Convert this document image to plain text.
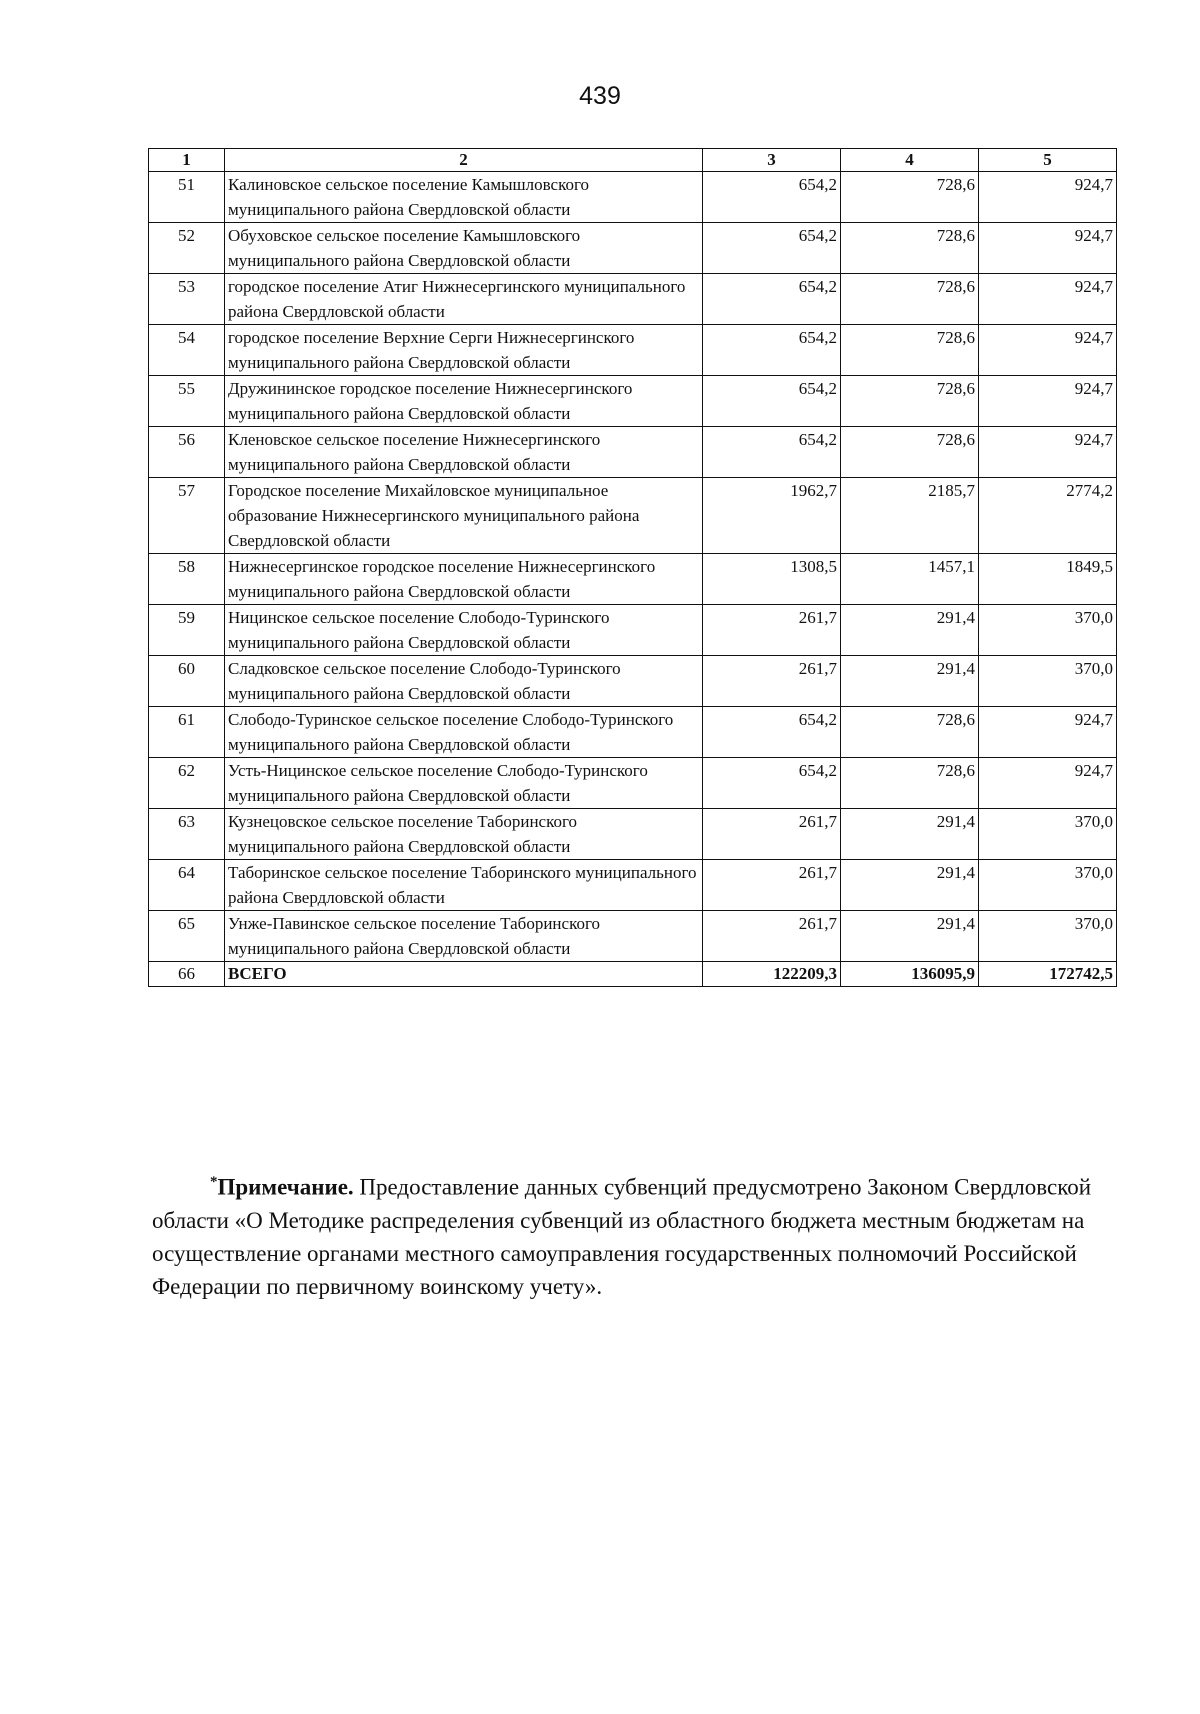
439
1	2	3	4	5
51	Калиновское сельское поселение Камышловского муниципального района Свердловской области	654,2	728,6	924,7
52	Обуховское сельское поселение Камышловского муниципального района Свердловской области	654,2	728,6	924,7
53	городское поселение Атиг Нижнесергинского муниципального района Свердловской области	654,2	728,6	924,7
54	городское поселение Верхние Серги Нижнесергинского муниципального района Свердловской области	654,2	728,6	924,7
55	Дружининское городское поселение Нижнесергинского муниципального района Свердловской области	654,2	728,6	924,7
56	Кленовское сельское поселение Нижнесергинского муниципального района Свердловской области	654,2	728,6	924,7
57	Городское поселение Михайловское муниципальное образование Нижнесергинского муниципального района Свердловской области	1962,7	2185,7	2774,2
58	Нижнесергинское городское поселение Нижнесергинского муниципального района Свердловской области	1308,5	1457,1	1849,5
59	Ницинское сельское поселение Слободо-Туринского муниципального района Свердловской области	261,7	291,4	370,0
60	Сладковское сельское поселение Слободо-Туринского муниципального района Свердловской области	261,7	291,4	370,0
61	Слободо-Туринское сельское поселение Слободо-Туринского муниципального района Свердловской области	654,2	728,6	924,7
62	Усть-Ницинское сельское поселение Слободо-Туринского муниципального района Свердловской области	654,2	728,6	924,7
63	Кузнецовское сельское поселение Таборинского муниципального района Свердловской области	261,7	291,4	370,0
64	Таборинское сельское поселение Таборинского муниципального района Свердловской области	261,7	291,4	370,0
65	Унже-Павинское сельское поселение Таборинского муниципального района Свердловской области	261,7	291,4	370,0
66	ВСЕГО	122209,3	136095,9	172742,5
*Примечание. Предоставление данных субвенций предусмотрено Законом Свердловской области «О Методике распределения субвенций из областного бюджета местным бюджетам на осуществление органами местного самоуправления государственных полномочий Российской Федерации по первичному воинскому учету».
